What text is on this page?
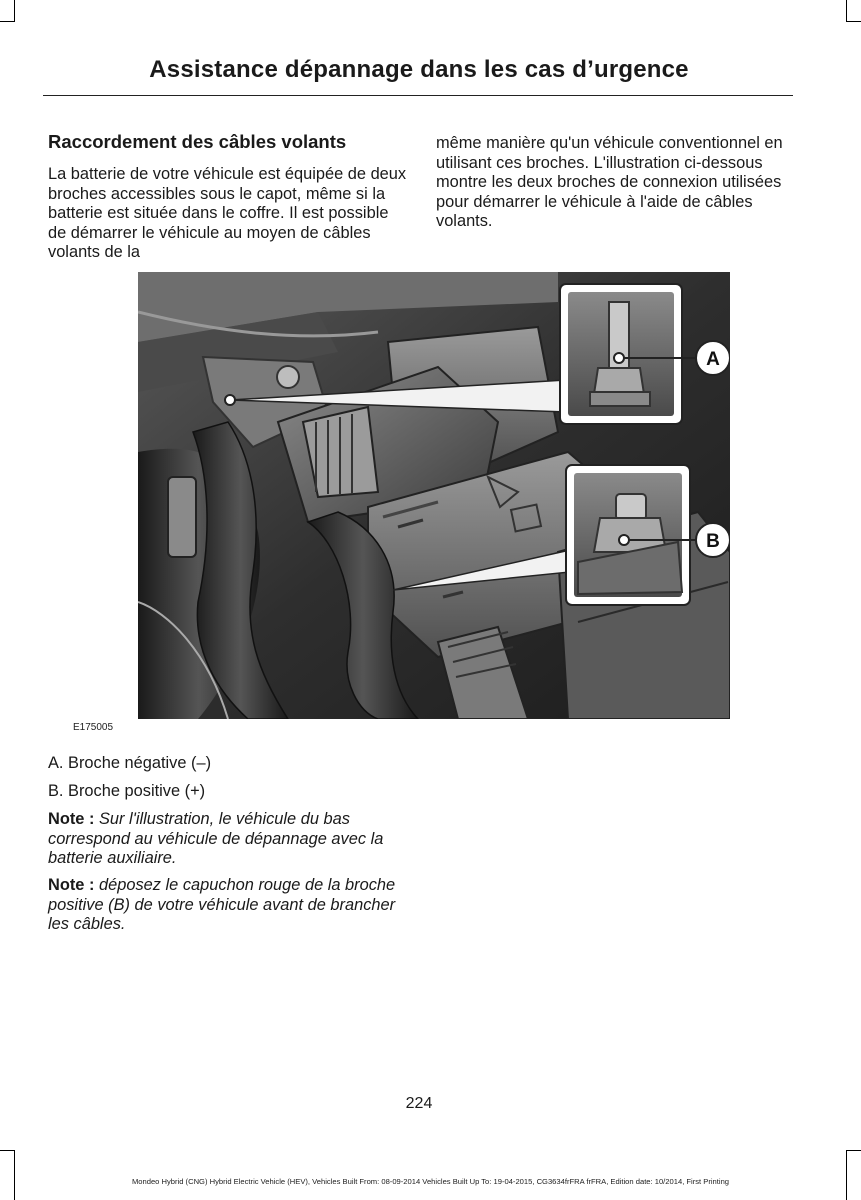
Assistance dépannage dans les cas d’urgence
Raccordement des câbles volants

La batterie de votre véhicule est équipée de deux broches accessibles sous le capot, même si la batterie est située dans le coffre. Il est possible de démarrer le véhicule au moyen de câbles volants de la

même manière qu'un véhicule conventionnel en utilisant ces broches. L'illustration ci-dessous montre les deux broches de connexion utilisées pour démarrer le véhicule à l'aide de câbles volants.

A
B
E175005
A. Broche négative (–)
B. Broche positive (+)
Note : Sur l'illustration, le véhicule du bas correspond au véhicule de dépannage avec la batterie auxiliaire.
Note : déposez le capuchon rouge de la broche positive (B) de votre véhicule avant de brancher les câbles.
224
Mondeo Hybrid (CNG) Hybrid Electric Vehicle (HEV), Vehicles Built From: 08-09-2014 Vehicles Built Up To: 19-04-2015, CG3634frFRA frFRA, Edition date: 10/2014, First Printing
